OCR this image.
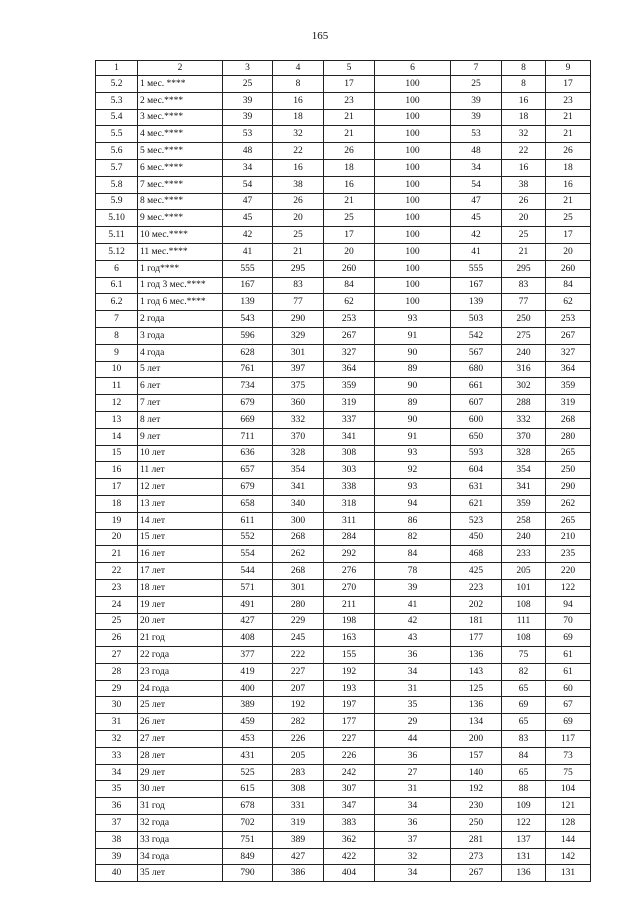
165
1	2	3	4	5	6	7	8	9
5.2	1 мес. ****	25	8	17	100	25	8	17
5.3	2 мес.****	39	16	23	100	39	16	23
5.4	3 мес.****	39	18	21	100	39	18	21
5.5	4 мес.****	53	32	21	100	53	32	21
5.6	5 мес.****	48	22	26	100	48	22	26
5.7	6 мес.****	34	16	18	100	34	16	18
5.8	7 мес.****	54	38	16	100	54	38	16
5.9	8 мес.****	47	26	21	100	47	26	21
5.10	9 мес.****	45	20	25	100	45	20	25
5.11	10 мес.****	42	25	17	100	42	25	17
5.12	11 мес.****	41	21	20	100	41	21	20
6	1 год****	555	295	260	100	555	295	260
6.1	1 год 3 мес.****	167	83	84	100	167	83	84
6.2	1 год 6 мес.****	139	77	62	100	139	77	62
7	2 года	543	290	253	93	503	250	253
8	3 года	596	329	267	91	542	275	267
9	4 года	628	301	327	90	567	240	327
10	5 лет	761	397	364	89	680	316	364
11	6 лет	734	375	359	90	661	302	359
12	7 лет	679	360	319	89	607	288	319
13	8 лет	669	332	337	90	600	332	268
14	9 лет	711	370	341	91	650	370	280
15	10 лет	636	328	308	93	593	328	265
16	11 лет	657	354	303	92	604	354	250
17	12 лет	679	341	338	93	631	341	290
18	13 лет	658	340	318	94	621	359	262
19	14 лет	611	300	311	86	523	258	265
20	15 лет	552	268	284	82	450	240	210
21	16 лет	554	262	292	84	468	233	235
22	17 лет	544	268	276	78	425	205	220
23	18 лет	571	301	270	39	223	101	122
24	19 лет	491	280	211	41	202	108	94
25	20 лет	427	229	198	42	181	111	70
26	21 год	408	245	163	43	177	108	69
27	22 года	377	222	155	36	136	75	61
28	23 года	419	227	192	34	143	82	61
29	24 года	400	207	193	31	125	65	60
30	25 лет	389	192	197	35	136	69	67
31	26 лет	459	282	177	29	134	65	69
32	27 лет	453	226	227	44	200	83	117
33	28 лет	431	205	226	36	157	84	73
34	29 лет	525	283	242	27	140	65	75
35	30 лет	615	308	307	31	192	88	104
36	31 год	678	331	347	34	230	109	121
37	32 года	702	319	383	36	250	122	128
38	33 года	751	389	362	37	281	137	144
39	34 года	849	427	422	32	273	131	142
40	35 лет	790	386	404	34	267	136	131
